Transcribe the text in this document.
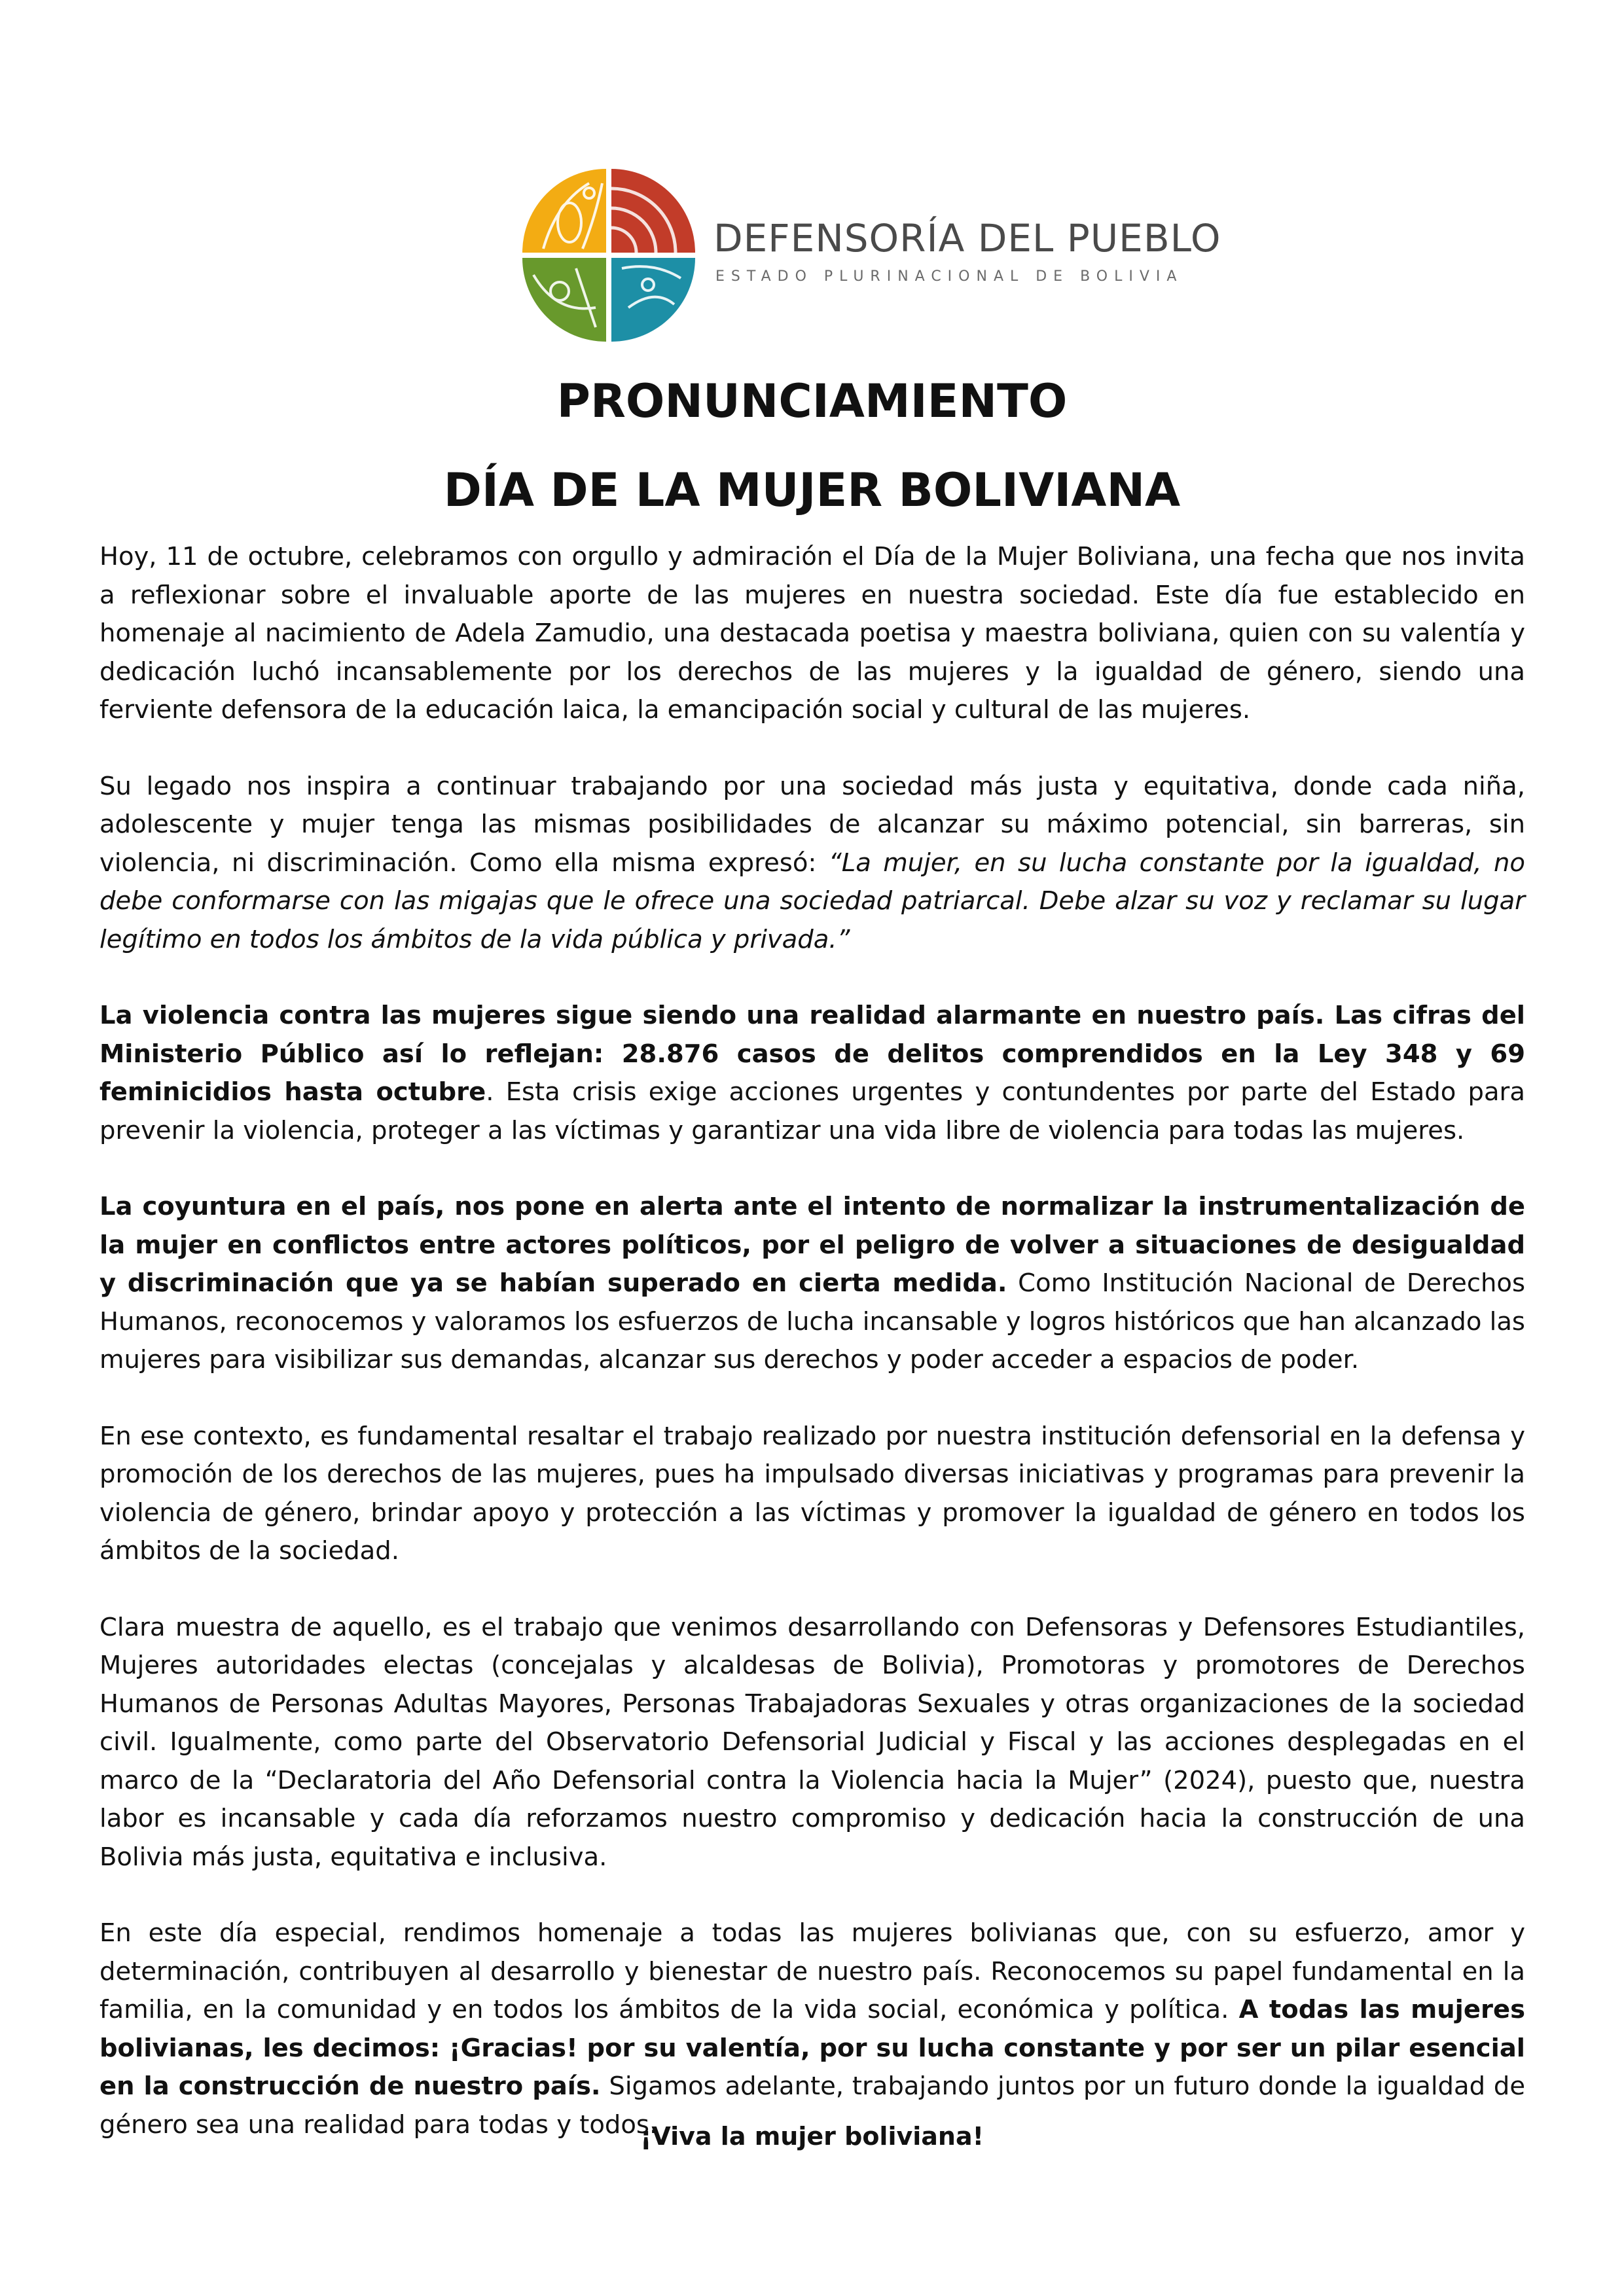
DEFENSORÍA DEL PUEBLO
ESTADO PLURINACIONAL DE BOLIVIA
PRONUNCIAMIENTO
DÍA DE LA MUJER BOLIVIANA

Hoy, 11 de octubre, celebramos con orgullo y admiración el Día de la Mujer Boliviana, una fecha que nos invita a reflexionar sobre el invaluable aporte de las mujeres en nuestra sociedad. Este día fue establecido en homenaje al nacimiento de Adela Zamudio, una destacada poetisa y maestra boliviana, quien con su valentía y dedicación luchó incansablemente por los derechos de las mujeres y la igualdad de género, siendo una ferviente defensora de la educación laica, la emancipación social y cultural de las mujeres.

Su legado nos inspira a continuar trabajando por una sociedad más justa y equitativa, donde cada niña, adolescente y mujer tenga las mismas posibilidades de alcanzar su máximo potencial, sin barreras, sin violencia, ni discriminación. Como ella misma expresó: “La mujer, en su lucha constante por la igualdad, no debe conformarse con las migajas que le ofrece una sociedad patriarcal. Debe alzar su voz y reclamar su lugar legítimo en todos los ámbitos de la vida pública y privada.”

La violencia contra las mujeres sigue siendo una realidad alarmante en nuestro país. Las cifras del Ministerio Público así lo reflejan: 28.876 casos de delitos comprendidos en la Ley 348 y 69 feminicidios hasta octubre. Esta crisis exige acciones urgentes y contundentes por parte del Estado para prevenir la violencia, proteger a las víctimas y garantizar una vida libre de violencia para todas las mujeres.

La coyuntura en el país, nos pone en alerta ante el intento de normalizar la instrumentalización de la mujer en conflictos entre actores políticos, por el peligro de volver a situaciones de desigualdad y discriminación que ya se habían superado en cierta medida. Como Institución Nacional de Derechos Humanos, reconocemos y valoramos los esfuerzos de lucha incansable y logros históricos que han alcanzado las mujeres para visibilizar sus demandas, alcanzar sus derechos y poder acceder a espacios de poder.

En ese contexto, es fundamental resaltar el trabajo realizado por nuestra institución defensorial en la defensa y promoción de los derechos de las mujeres, pues ha impulsado diversas iniciativas y programas para prevenir la violencia de género, brindar apoyo y protección a las víctimas y promover la igualdad de género en todos los ámbitos de la sociedad.

Clara muestra de aquello, es el trabajo que venimos desarrollando con Defensoras y Defensores Estudiantiles, Mujeres autoridades electas (concejalas y alcaldesas de Bolivia), Promotoras y promotores de Derechos Humanos de Personas Adultas Mayores, Personas Trabajadoras Sexuales y otras organizaciones de la sociedad civil. Igualmente, como parte del Observatorio Defensorial Judicial y Fiscal y las acciones desplegadas en el marco de la “Declaratoria del Año Defensorial contra la Violencia hacia la Mujer” (2024), puesto que, nuestra labor es incansable y cada día reforzamos nuestro compromiso y dedicación hacia la construcción de una Bolivia más justa, equitativa e inclusiva.

En este día especial, rendimos homenaje a todas las mujeres bolivianas que, con su esfuerzo, amor y determinación, contribuyen al desarrollo y bienestar de nuestro país. Reconocemos su papel fundamental en la familia, en la comunidad y en todos los ámbitos de la vida social, económica y política. A todas las mujeres bolivianas, les decimos: ¡Gracias! por su valentía, por su lucha constante y por ser un pilar esencial en la construcción de nuestro país. Sigamos adelante, trabajando juntos por un futuro donde la igualdad de género sea una realidad para todas y todos.

¡Viva la mujer boliviana!
